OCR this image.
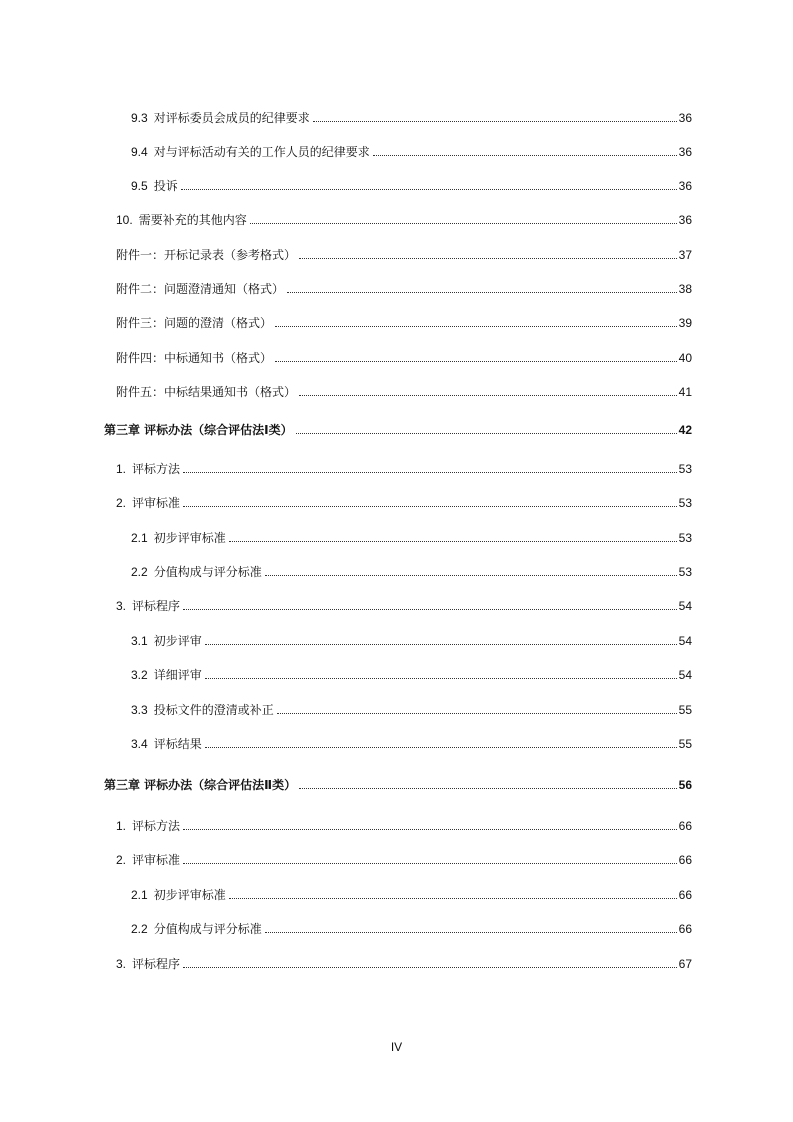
9.3 对评标委员会成员的纪律要求	36
9.4 对与评标活动有关的工作人员的纪律要求	36
9.5 投诉	36
10. 需要补充的其他内容	36
附件一：开标记录表（参考格式）	37
附件二：问题澄清通知（格式）	38
附件三：问题的澄清（格式）	39
附件四：中标通知书（格式）	40
附件五：中标结果通知书（格式）	41
第三章 评标办法（综合评估法Ⅰ类）	42
1. 评标方法	53
2. 评审标准	53
2.1 初步评审标准	53
2.2 分值构成与评分标准	53
3. 评标程序	54
3.1 初步评审	54
3.2 详细评审	54
3.3 投标文件的澄清或补正	55
3.4 评标结果	55
第三章 评标办法（综合评估法Ⅱ类）	56
1. 评标方法	66
2. 评审标准	66
2.1 初步评审标准	66
2.2 分值构成与评分标准	66
3. 评标程序	67
IV
